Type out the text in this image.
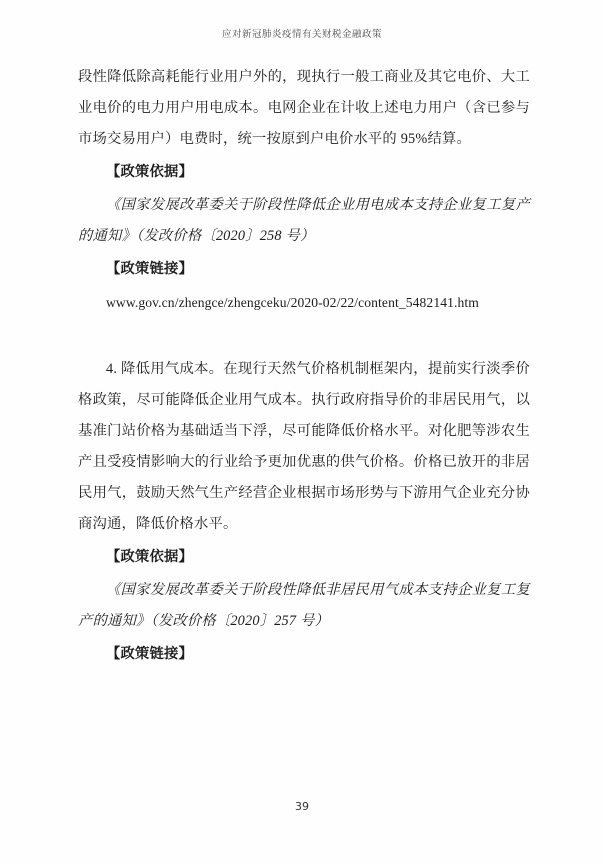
应对新冠肺炎疫情有关财税金融政策

段性降低除高耗能行业用户外的，现执行一般工商业及其它电价、大工业电价的电力用户用电成本。电网企业在计收上述电力用户（含已参与市场交易用户）电费时，统一按原到户电价水平的 95%结算。

【政策依据】

《国家发展改革委关于阶段性降低企业用电成本支持企业复工复产的通知》（发改价格〔2020〕258 号）

【政策链接】

www.gov.cn/zhengce/zhengceku/2020-02/22/content_5482141.htm

4. 降低用气成本。在现行天然气价格机制框架内，提前实行淡季价格政策，尽可能降低企业用气成本。执行政府指导价的非居民用气，以基准门站价格为基础适当下浮，尽可能降低价格水平。对化肥等涉农生产且受疫情影响大的行业给予更加优惠的供气价格。价格已放开的非居民用气，鼓励天然气生产经营企业根据市场形势与下游用气企业充分协商沟通，降低价格水平。

【政策依据】

《国家发展改革委关于阶段性降低非居民用气成本支持企业复工复产的通知》（发改价格〔2020〕257 号）

【政策链接】

39
